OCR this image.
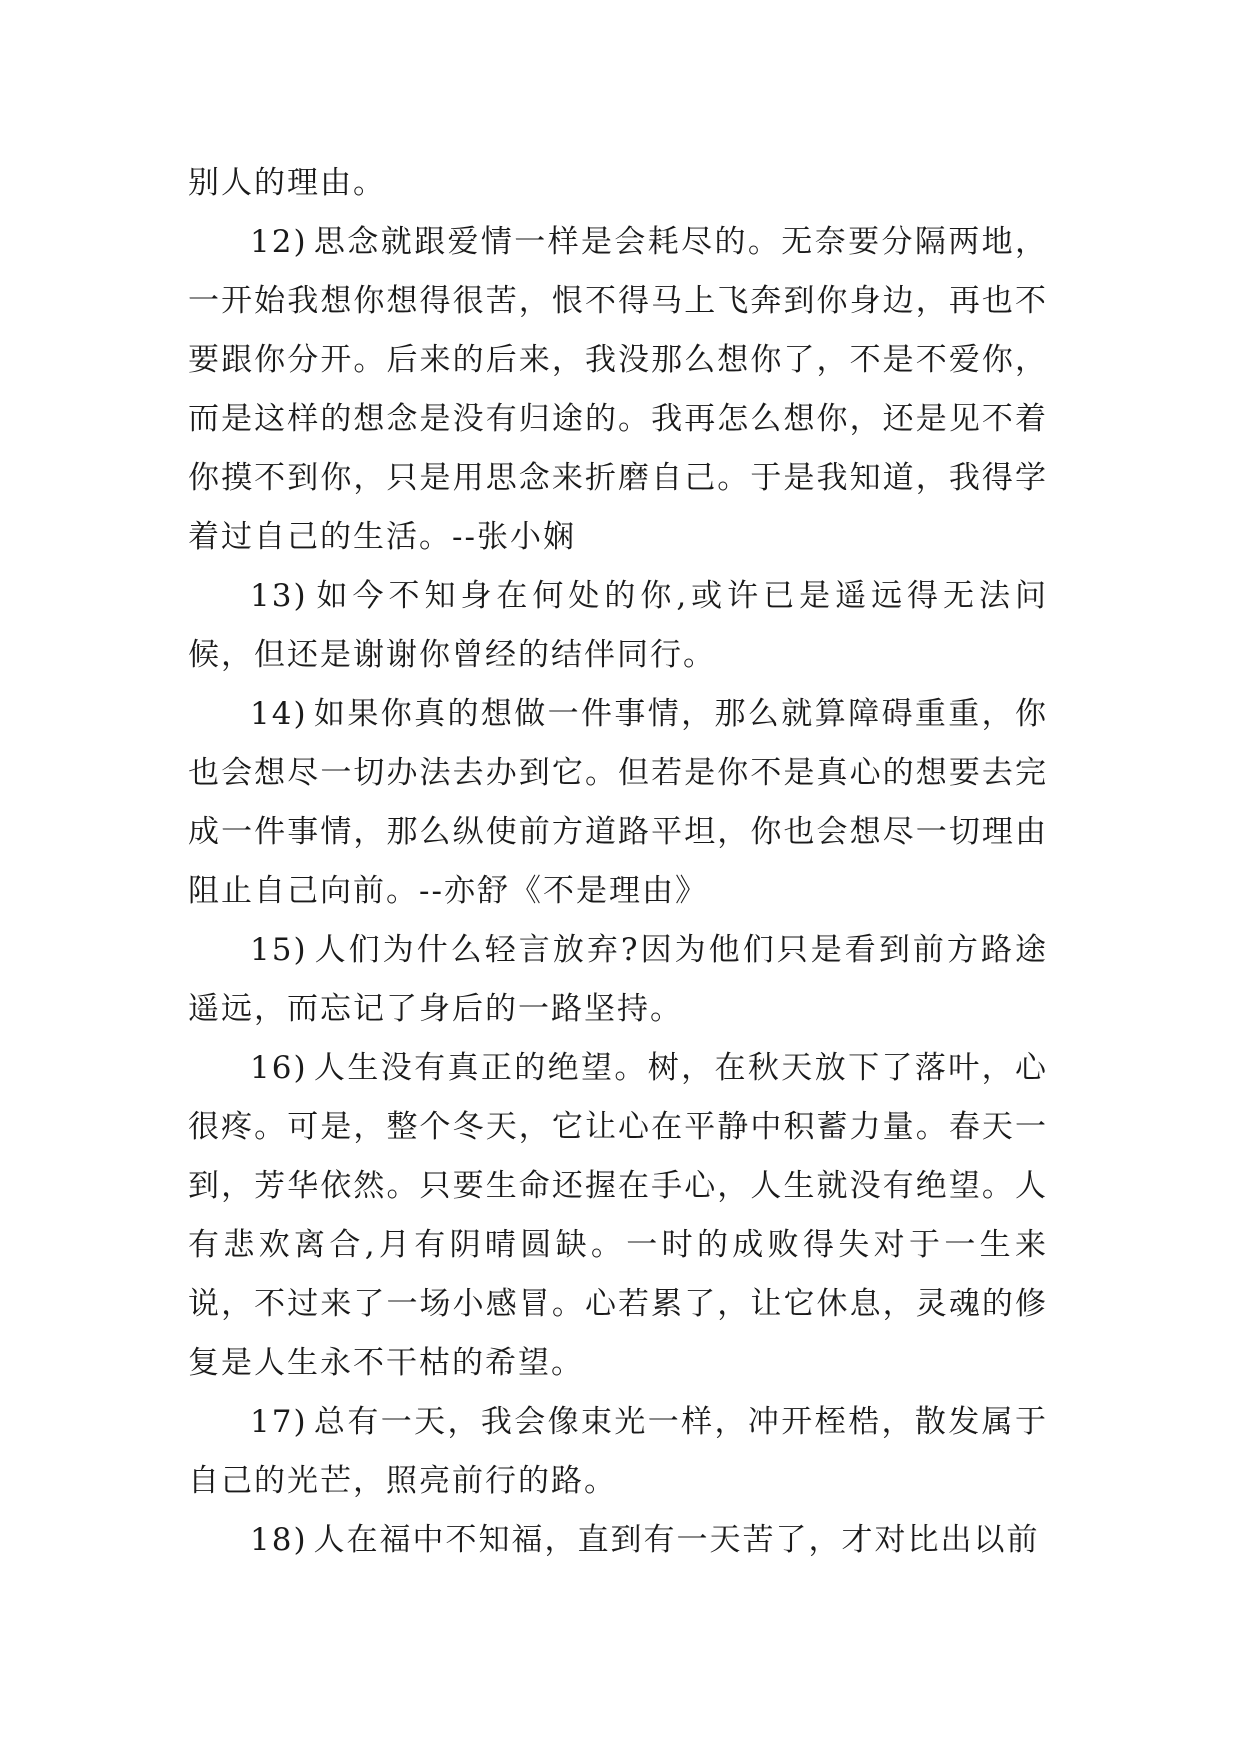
别人的理由。

12) 思念就跟爱情一样是会耗尽的。无奈要分隔两地，一开始我想你想得很苦，恨不得马上飞奔到你身边，再也不要跟你分开。后来的后来，我没那么想你了，不是不爱你，而是这样的想念是没有归途的。我再怎么想你，还是见不着你摸不到你，只是用思念来折磨自己。于是我知道，我得学着过自己的生活。--张小娴

13) 如今不知身在何处的你,或许已是遥远得无法问候，但还是谢谢你曾经的结伴同行。

14) 如果你真的想做一件事情，那么就算障碍重重，你也会想尽一切办法去办到它。但若是你不是真心的想要去完成一件事情，那么纵使前方道路平坦，你也会想尽一切理由阻止自己向前。--亦舒《不是理由》

15) 人们为什么轻言放弃?因为他们只是看到前方路途遥远，而忘记了身后的一路坚持。

16) 人生没有真正的绝望。树，在秋天放下了落叶，心很疼。可是，整个冬天，它让心在平静中积蓄力量。春天一到，芳华依然。只要生命还握在手心，人生就没有绝望。人有悲欢离合,月有阴晴圆缺。一时的成败得失对于一生来说，不过来了一场小感冒。心若累了，让它休息，灵魂的修复是人生永不干枯的希望。

17) 总有一天，我会像束光一样，冲开桎梏，散发属于自己的光芒，照亮前行的路。

18) 人在福中不知福，直到有一天苦了，才对比出以前
